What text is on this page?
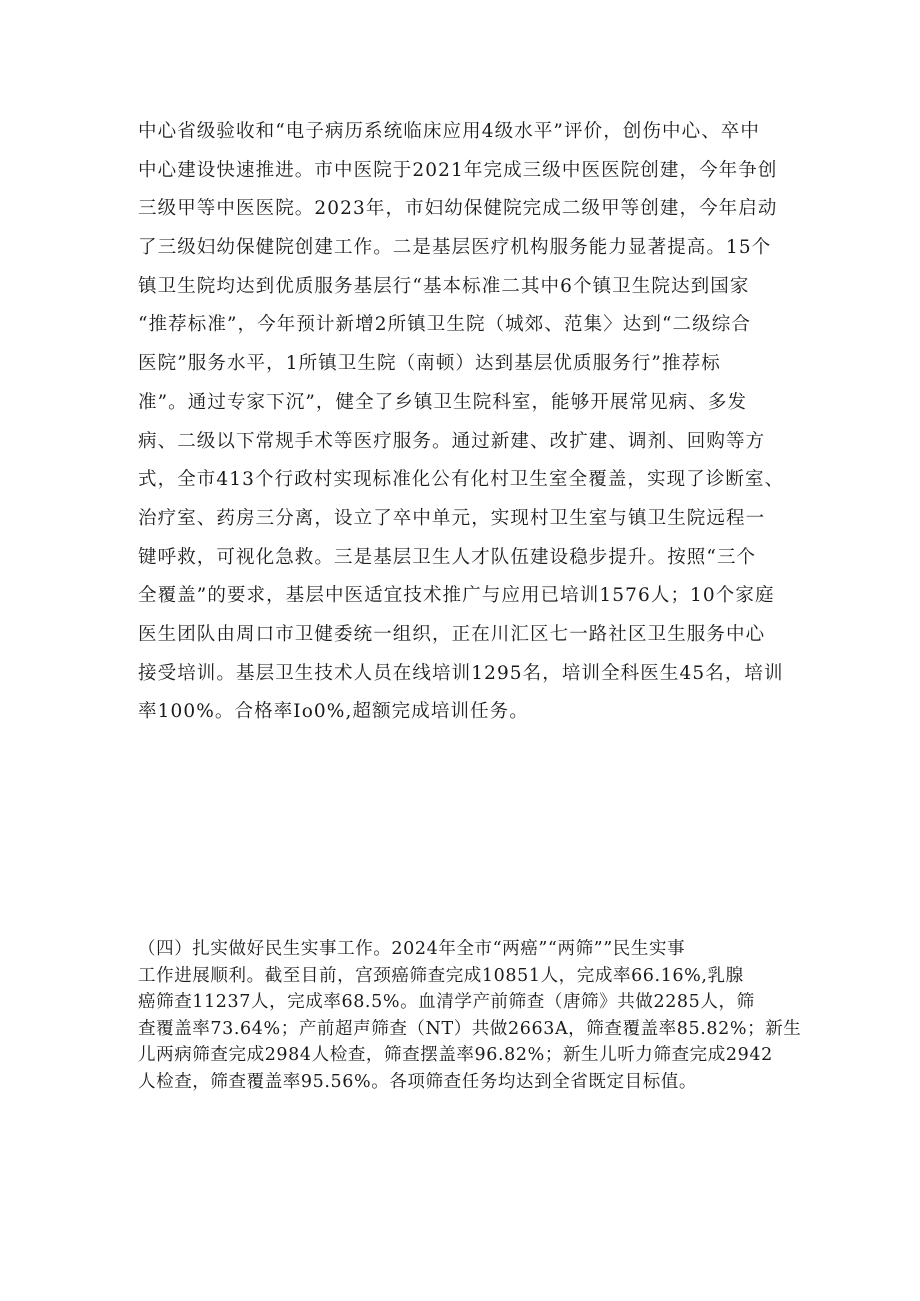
中心省级验收和“电子病历系统临床应用4级水平”评价，创伤中心、卒中
中心建设快速推进。市中医院于2021年完成三级中医医院创建，今年争创
三级甲等中医医院。2023年，市妇幼保健院完成二级甲等创建，今年启动
了三级妇幼保健院创建工作。二是基层医疗机构服务能力显著提高。15个
镇卫生院均达到优质服务基层行“基本标准二其中6个镇卫生院达到国家
“推荐标准”，今年预计新增2所镇卫生院（城郊、范集〉达到“二级综合
医院”服务水平，1所镇卫生院（南顿）达到基层优质服务行”推荐标
准”。通过专家下沉”，健全了乡镇卫生院科室，能够开展常见病、多发
病、二级以下常规手术等医疗服务。通过新建、改扩建、调剂、回购等方
式，全市413个行政村实现标准化公有化村卫生室全覆盖，实现了诊断室、
治疗室、药房三分离，设立了卒中单元，实现村卫生室与镇卫生院远程一
键呼救，可视化急救。三是基层卫生人才队伍建设稳步提升。按照“三个
全覆盖”的要求，基层中医适宜技术推广与应用已培训1576人；10个家庭
医生团队由周口市卫健委统一组织，正在川汇区七一路社区卫生服务中心
接受培训。基层卫生技术人员在线培训1295名，培训全科医生45名，培训
率100%。合格率Io0%,超额完成培训任务。
（四）扎实做好民生实事工作。2024年全市“两癌”“两筛””民生实事
工作进展顺利。截至目前，宫颈癌筛查完成10851人，完成率66.16%,乳腺
癌筛查11237人，完成率68.5%。血清学产前筛查（唐筛》共做2285人，筛
查覆盖率73.64%；产前超声筛查（NT）共做2663A，筛查覆盖率85.82%；新生
儿两病筛查完成2984人检查，筛查摆盖率96.82%；新生儿听力筛查完成2942
人检查，筛查覆盖率95.56%。各项筛查任务均达到全省既定目标值。
